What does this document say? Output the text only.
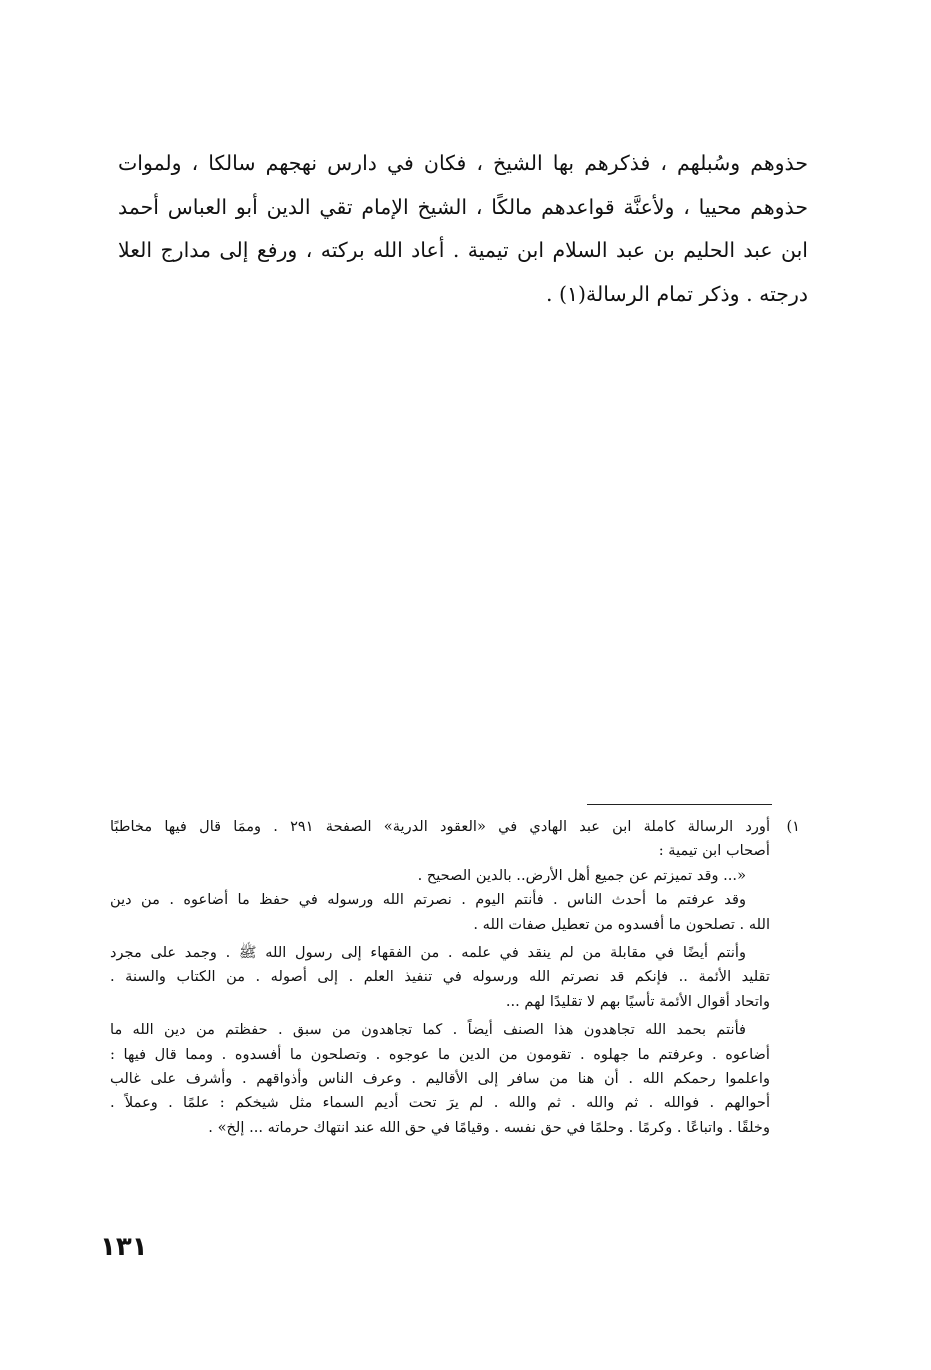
حذوهم وسُبلهم ، فذكرهم بها الشيخ ، فكان في دارس نهجهم سالكا ، ولموات
حذوهم محييا ، ولأعنَّة قواعدهم مالكًا ، الشيخ الإمام تقي الدين أبو العباس أحمد
ابن عبد الحليم بن عبد السلام ابن تيمية . أعاد الله بركته ، ورفع إلى مدارج العلا
درجته . وذكر تمام الرسالة(١) .
١)
أورد الرسالة كاملة ابن عبد الهادي في «العقود الدرية» الصفحة ٢٩١ . وممَا قال فيها مخاطبًا
أصحاب ابن تيمية :
«... وقد تميزتم عن جميع أهل الأرض.. بالدين الصحيح .
وقد عرفتم ما أحدث الناس . فأنتم اليوم . نصرتم الله ورسوله في حفظ ما أضاعوه . من دين
الله . تصلحون ما أفسدوه من تعطيل صفات الله .
وأنتم أيضًا في مقابلة من لم ينقد في علمه . من الفقهاء إلى رسول الله ﷺ . وجمد على مجرد
تقليد الأئمة .. فإنكم قد نصرتم الله ورسوله في تنفيذ العلم . إلى أصوله . من الكتاب والسنة .
واتحاد أقوال الأئمة تأسيًا بهم لا تقليدًا لهم ...
فأنتم بحمد الله تجاهدون هذا الصنف أيضاً . كما تجاهدون من سبق . حفظتم من دين الله ما
أضاعوه . وعرفتم ما جهلوه . تقومون من الدين ما عوجوه . وتصلحون ما أفسدوه . ومما قال فيها :
واعلموا رحمكم الله . أن هنا من سافر إلى الأقاليم . وعرف الناس وأذواقهم . وأشرف على غالب
أحوالهم . فوالله . ثم والله . ثم والله . لم يرَ تحت أديم السماء مثل شيخكم : علمًا . وعملاً .
وخلقًا . واتباعًا . وكرمًا . وحلمًا في حق نفسه . وقيامًا في حق الله عند انتهاك حرماته ... إلخ» .
١٣١
